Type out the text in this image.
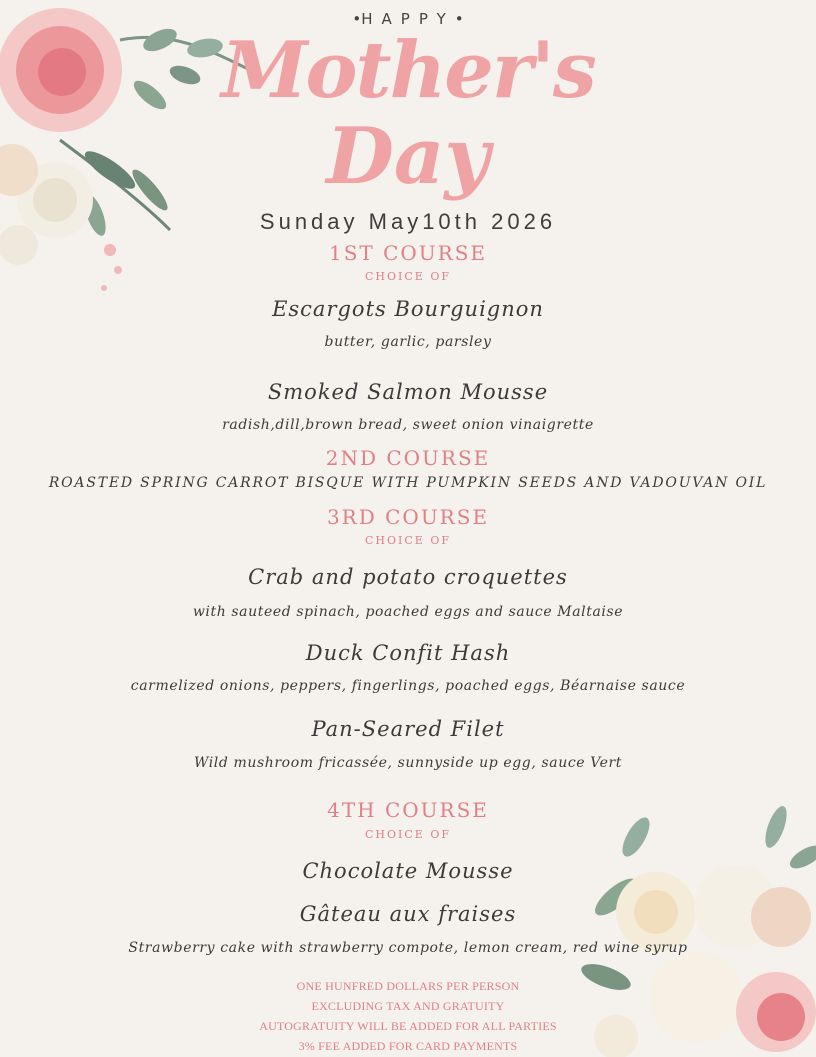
•HAPPY•
Mother's
Day
Sunday May10th 2026
1ST COURSE
CHOICE OF
Escargots Bourguignon
butter, garlic, parsley
Smoked Salmon Mousse
radish,dill,brown bread, sweet onion vinaigrette
2ND COURSE
ROASTED SPRING CARROT BISQUE WITH PUMPKIN SEEDS AND VADOUVAN OIL
3RD COURSE
CHOICE OF
Crab and potato croquettes
with sauteed spinach, poached eggs and sauce Maltaise
Duck Confit Hash
carmelized onions, peppers, fingerlings, poached eggs, Béarnaise sauce
Pan-Seared Filet
Wild mushroom fricassée, sunnyside up egg, sauce Vert
4TH COURSE
CHOICE OF
Chocolate Mousse
Gâteau aux fraises
Strawberry cake with strawberry compote, lemon cream, red wine syrup
ONE HUNFRED DOLLARS PER PERSON
EXCLUDING TAX AND GRATUITY
AUTOGRATUITY WILL BE ADDED FOR ALL PARTIES
3% FEE ADDED FOR CARD PAYMENTS
